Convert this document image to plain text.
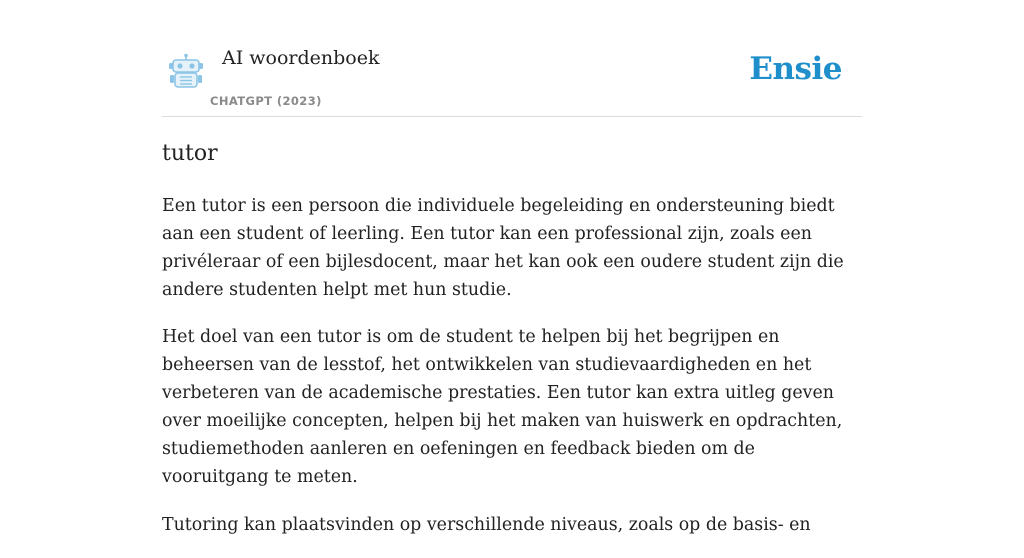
AI woordenboek
CHATGPT (2023)
Ensie
tutor

Een tutor is een persoon die individuele begeleiding en ondersteuning biedt aan een student of leerling. Een tutor kan een professional zijn, zoals een privéleraar of een bijlesdocent, maar het kan ook een oudere student zijn die andere studenten helpt met hun studie.

Het doel van een tutor is om de student te helpen bij het begrijpen en beheersen van de lesstof, het ontwikkelen van studievaardigheden en het verbeteren van de academische prestaties. Een tutor kan extra uitleg geven over moeilijke concepten, helpen bij het maken van huiswerk en opdrachten, studiemethoden aanleren en oefeningen en feedback bieden om de vooruitgang te meten.

Tutoring kan plaatsvinden op verschillende niveaus, zoals op de basis- en
